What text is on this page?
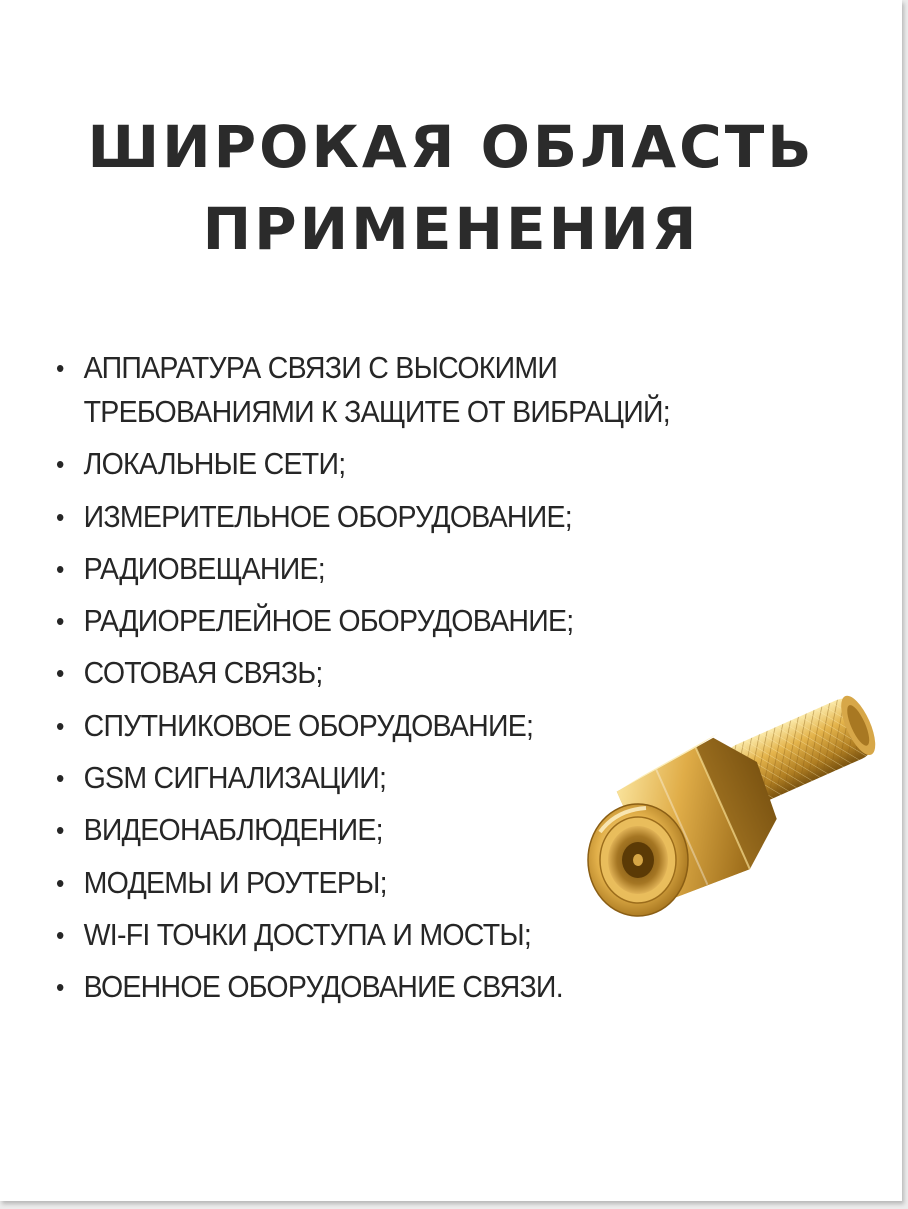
ШИРОКАЯ ОБЛАСТЬ
ПРИМЕНЕНИЯ
• АППАРАТУРА СВЯЗИ С ВЫСОКИМИ
ТРЕБОВАНИЯМИ К ЗАЩИТЕ ОТ ВИБРАЦИЙ;
• ЛОКАЛЬНЫЕ СЕТИ;
• ИЗМЕРИТЕЛЬНОЕ ОБОРУДОВАНИЕ;
• РАДИОВЕЩАНИЕ;
• РАДИОРЕЛЕЙНОЕ ОБОРУДОВАНИЕ;
• СОТОВАЯ СВЯЗЬ;
• СПУТНИКОВОЕ ОБОРУДОВАНИЕ;
• GSM СИГНАЛИЗАЦИИ;
• ВИДЕОНАБЛЮДЕНИЕ;
• МОДЕМЫ И РОУТЕРЫ;
• WI-FI ТОЧКИ ДОСТУПА И МОСТЫ;
• ВОЕННОЕ ОБОРУДОВАНИЕ СВЯЗИ.
